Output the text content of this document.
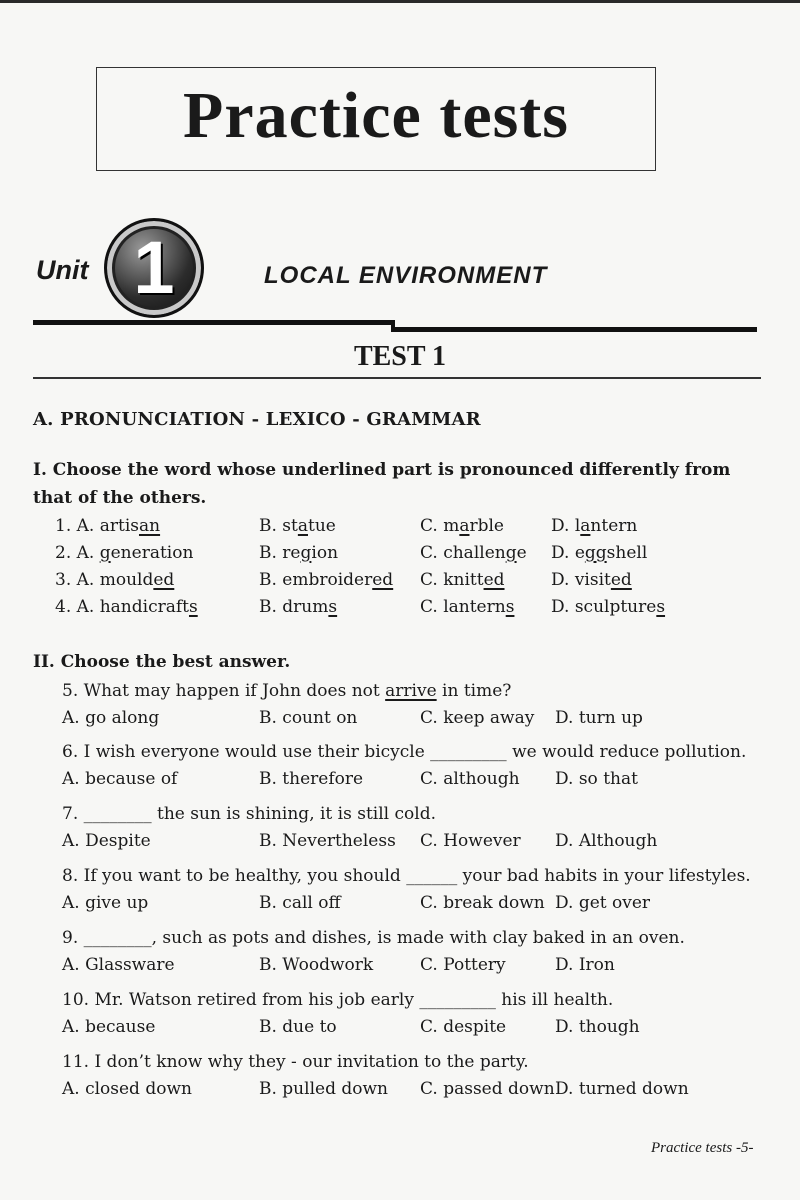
Practice tests
Unit 1	LOCAL ENVIRONMENT
TEST 1
A. PRONUNCIATION - LEXICO - GRAMMAR
I. Choose the word whose underlined part is pronounced differently from that of the others.
1. A. artisan	B. statue	C. marble	D. lantern
2. A. generation	B. region	C. challenge D. eggshell
3. A. moulded	B. embroidered C. knitted	D. visited
4. A. handicrafts	B. drums	C. lanterns D. sculptures
II. Choose the best answer.
5. What may happen if John does not arrive in time?
A. go along	B. count on	C. keep away D. turn up
6. I wish everyone would use their bicycle _________ we would reduce pollution.
A. because of	B. therefore	C. although D. so that
7. ________ the sun is shining, it is still cold.
A. Despite	B. Nevertheless C. However D. Although
8. If you want to be healthy, you should ______ your bad habits in your lifestyles.
A. give up	B. call off	C. break down D. get over
9. ________, such as pots and dishes, is made with clay baked in an oven.
A. Glassware	B. Woodwork	C. Pottery	D. Iron
10. Mr. Watson retired from his job early _________ his ill health.
A. because	B. due to	C. despite	D. though
11. I don’t know why they - our invitation to the party.
A. closed down	B. pulled down C. passed down D. turned down
Practice tests -5-
